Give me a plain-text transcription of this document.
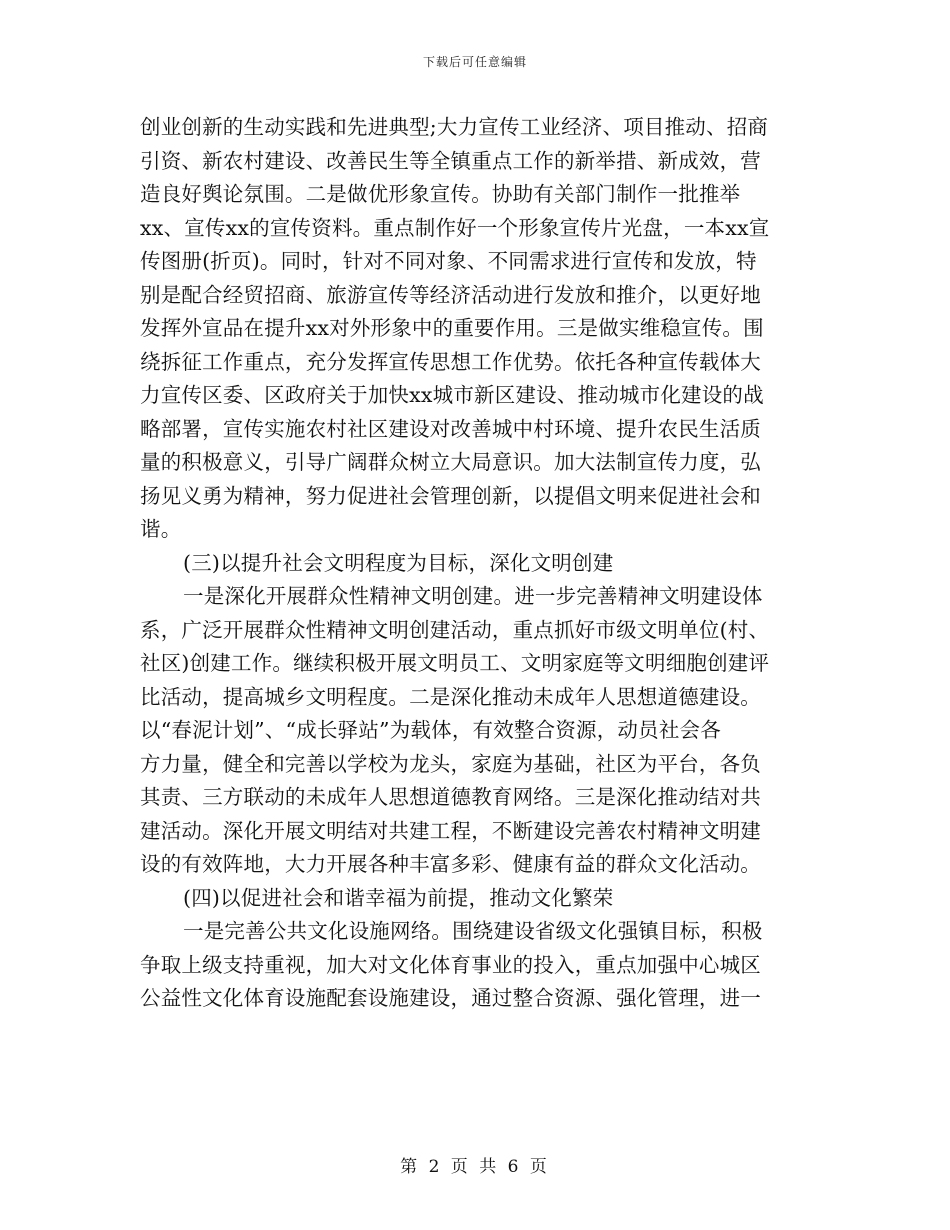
下载后可任意编辑
创业创新的生动实践和先进典型;大力宣传工业经济、项目推动、招商
引资、新农村建设、改善民生等全镇重点工作的新举措、新成效，营
造良好舆论氛围。二是做优形象宣传。协助有关部门制作一批推举
xx、宣传xx的宣传资料。重点制作好一个形象宣传片光盘，一本xx宣
传图册(折页)。同时，针对不同对象、不同需求进行宣传和发放，特
别是配合经贸招商、旅游宣传等经济活动进行发放和推介，以更好地
发挥外宣品在提升xx对外形象中的重要作用。三是做实维稳宣传。围
绕拆征工作重点，充分发挥宣传思想工作优势。依托各种宣传载体大
力宣传区委、区政府关于加快xx城市新区建设、推动城市化建设的战
略部署，宣传实施农村社区建设对改善城中村环境、提升农民生活质
量的积极意义，引导广阔群众树立大局意识。加大法制宣传力度，弘
扬见义勇为精神，努力促进社会管理创新，以提倡文明来促进社会和
谐。
(三)以提升社会文明程度为目标，深化文明创建
一是深化开展群众性精神文明创建。进一步完善精神文明建设体
系，广泛开展群众性精神文明创建活动，重点抓好市级文明单位(村、
社区)创建工作。继续积极开展文明员工、文明家庭等文明细胞创建评
比活动，提高城乡文明程度。二是深化推动未成年人思想道德建设。
以“春泥计划”、“成长驿站”为载体，有效整合资源，动员社会各
方力量，健全和完善以学校为龙头，家庭为基础，社区为平台，各负
其责、三方联动的未成年人思想道德教育网络。三是深化推动结对共
建活动。深化开展文明结对共建工程，不断建设完善农村精神文明建
设的有效阵地，大力开展各种丰富多彩、健康有益的群众文化活动。
(四)以促进社会和谐幸福为前提，推动文化繁荣
一是完善公共文化设施网络。围绕建设省级文化强镇目标，积极
争取上级支持重视，加大对文化体育事业的投入，重点加强中心城区
公益性文化体育设施配套设施建设，通过整合资源、强化管理，进一
第 2 页 共 6 页
